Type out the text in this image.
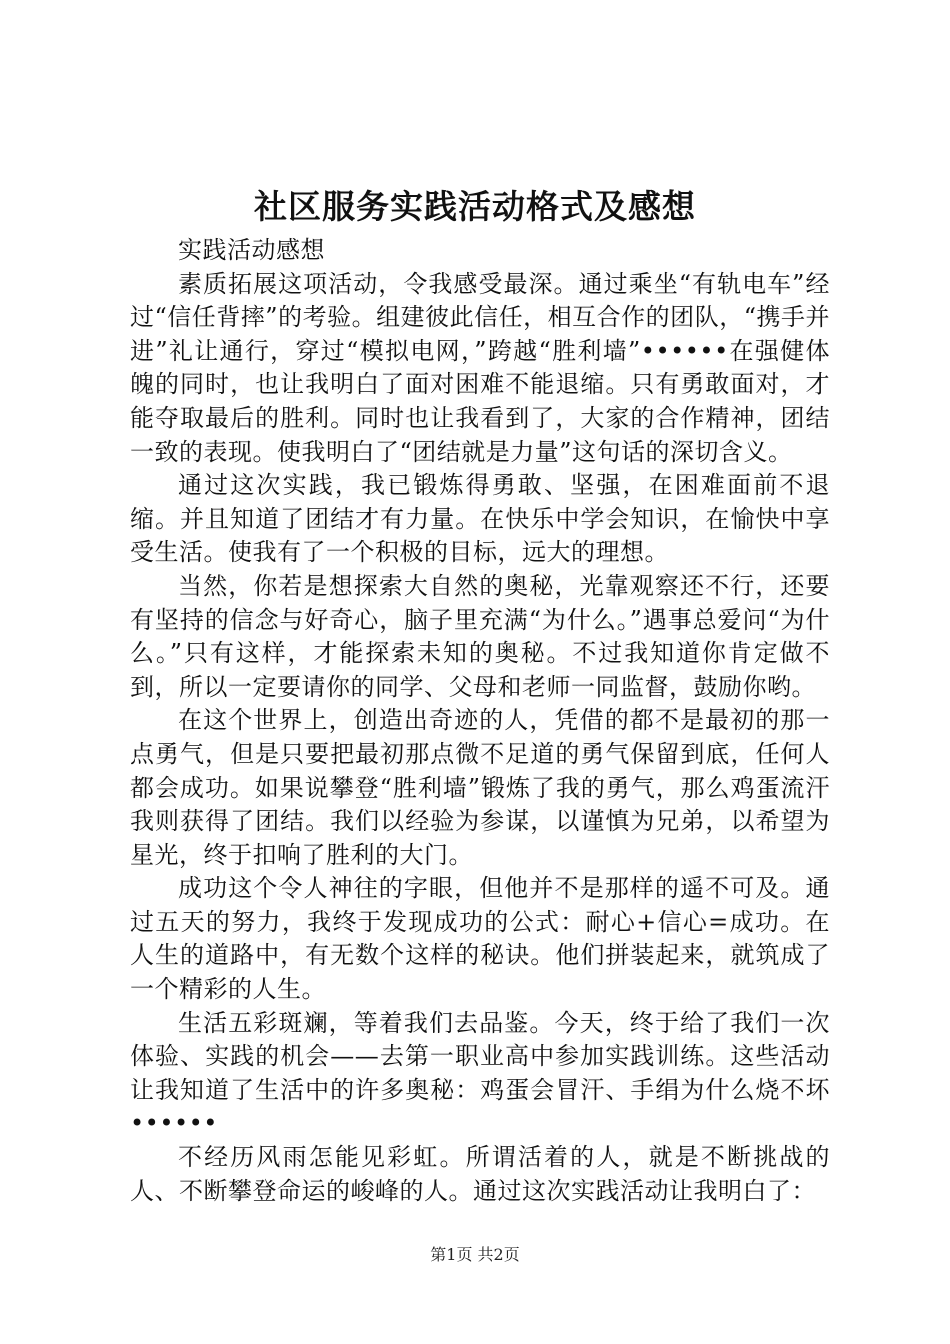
社区服务实践活动格式及感想

实践活动感想

素质拓展这项活动，令我感受最深。通过乘坐“有轨电车”经过“信任背摔”的考验。组建彼此信任，相互合作的团队，“携手并进”礼让通行，穿过“模拟电网，”跨越“胜利墙”••••••在强健体魄的同时，也让我明白了面对困难不能退缩。只有勇敢面对，才能夺取最后的胜利。同时也让我看到了，大家的合作精神，团结一致的表现。使我明白了“团结就是力量”这句话的深切含义。

通过这次实践，我已锻炼得勇敢、坚强，在困难面前不退缩。并且知道了团结才有力量。在快乐中学会知识，在愉快中享受生活。使我有了一个积极的目标，远大的理想。

当然，你若是想探索大自然的奥秘，光靠观察还不行，还要有坚持的信念与好奇心，脑子里充满“为什么。”遇事总爱问“为什么。”只有这样，才能探索未知的奥秘。不过我知道你肯定做不到，所以一定要请你的同学、父母和老师一同监督，鼓励你哟。

在这个世界上，创造出奇迹的人，凭借的都不是最初的那一点勇气，但是只要把最初那点微不足道的勇气保留到底，任何人都会成功。如果说攀登“胜利墙”锻炼了我的勇气，那么鸡蛋流汗我则获得了团结。我们以经验为参谋，以谨慎为兄弟，以希望为星光，终于扣响了胜利的大门。

成功这个令人神往的字眼，但他并不是那样的遥不可及。通过五天的努力，我终于发现成功的公式：耐心+信心=成功。在人生的道路中，有无数个这样的秘诀。他们拼装起来，就筑成了一个精彩的人生。

生活五彩斑斓，等着我们去品鉴。今天，终于给了我们一次体验、实践的机会——去第一职业高中参加实践训练。这些活动让我知道了生活中的许多奥秘：鸡蛋会冒汗、手绢为什么烧不坏••••••

不经历风雨怎能见彩虹。所谓活着的人，就是不断挑战的人、不断攀登命运的峻峰的人。通过这次实践活动让我明白了：

第1页 共2页
